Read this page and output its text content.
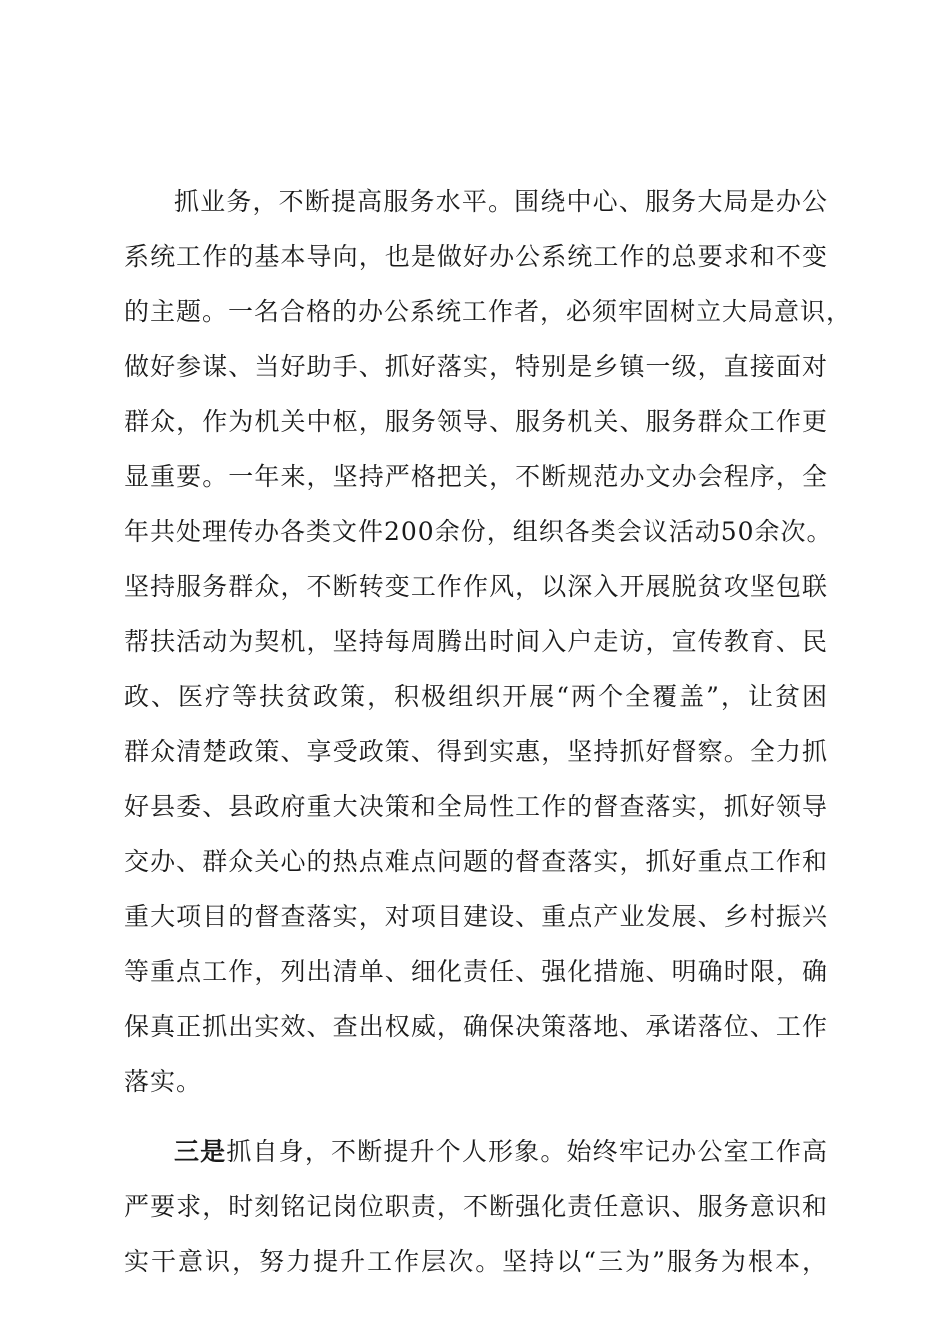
抓业务，不断提高服务水平。围绕中心、服务大局是办公
系统工作的基本导向，也是做好办公系统工作的总要求和不变
的主题。一名合格的办公系统工作者，必须牢固树立大局意识，
做好参谋、当好助手、抓好落实，特别是乡镇一级，直接面对
群众，作为机关中枢，服务领导、服务机关、服务群众工作更
显重要。一年来，坚持严格把关，不断规范办文办会程序，全
年共处理传办各类文件200余份，组织各类会议活动50余次。
坚持服务群众，不断转变工作作风，以深入开展脱贫攻坚包联
帮扶活动为契机，坚持每周腾出时间入户走访，宣传教育、民
政、医疗等扶贫政策，积极组织开展“两个全覆盖”，让贫困
群众清楚政策、享受政策、得到实惠，坚持抓好督察。全力抓
好县委、县政府重大决策和全局性工作的督查落实，抓好领导
交办、群众关心的热点难点问题的督查落实，抓好重点工作和
重大项目的督查落实，对项目建设、重点产业发展、乡村振兴
等重点工作，列出清单、细化责任、强化措施、明确时限，确
保真正抓出实效、查出权威，确保决策落地、承诺落位、工作
落实。
三是抓自身，不断提升个人形象。始终牢记办公室工作高
严要求，时刻铭记岗位职责，不断强化责任意识、服务意识和
实干意识，努力提升工作层次。坚持以“三为”服务为根本，
